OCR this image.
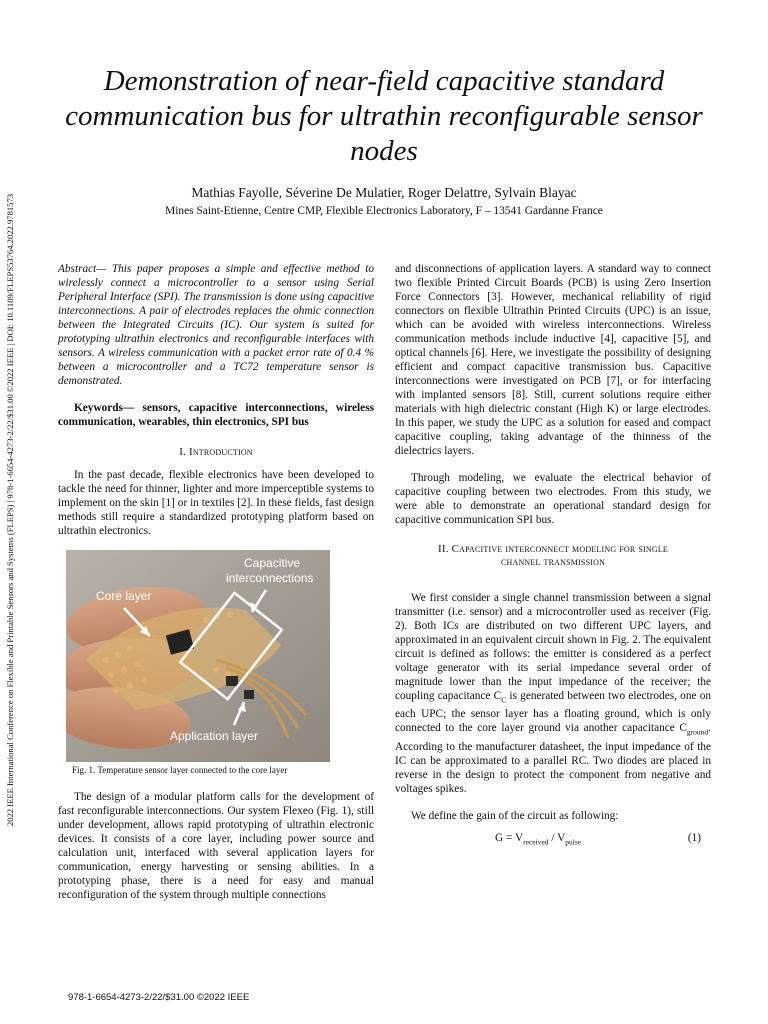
2022 IEEE International Conference on Flexible and Printable Sensors and Systems (FLEPS) | 978-1-6654-4273-2/22/$31.00 ©2022 IEEE | DOI: 10.1109/FLEPS53764.2022.9781573
Demonstration of near-field capacitive standard communication bus for ultrathin reconfigurable sensor nodes
Mathias Fayolle, Séverine De Mulatier, Roger Delattre, Sylvain Blayac
Mines Saint-Etienne, Centre CMP, Flexible Electronics Laboratory, F – 13541 Gardanne France

Abstract— This paper proposes a simple and effective method to wirelessly connect a microcontroller to a sensor using Serial Peripheral Interface (SPI). The transmission is done using capacitive interconnections. A pair of electrodes replaces the ohmic connection between the Integrated Circuits (IC). Our system is suited for prototyping ultrathin electronics and reconfigurable interfaces with sensors. A wireless communication with a packet error rate of 0.4 % between a microcontroller and a TC72 temperature sensor is demonstrated.

Keywords— sensors, capacitive interconnections, wireless communication, wearables, thin electronics, SPI bus

I. Introduction

In the past decade, flexible electronics have been developed to tackle the need for thinner, lighter and more imperceptible systems to implement on the skin [1] or in textiles [2]. In these fields, fast design methods still require a standardized prototyping platform based on ultrathin electronics.

Capacitive
interconnections
Core layer
Application layer

Fig. 1. Temperature sensor layer connected to the core layer

The design of a modular platform calls for the development of fast reconfigurable interconnections. Our system Flexeo (Fig. 1), still under development, allows rapid prototyping of ultrathin electronic devices. It consists of a core layer, including power source and calculation unit, interfaced with several application layers for communication, energy harvesting or sensing abilities. In a prototyping phase, there is a need for easy and manual reconfiguration of the system through multiple connections

and disconnections of application layers. A standard way to connect two flexible Printed Circuit Boards (PCB) is using Zero Insertion Force Connectors [3]. However, mechanical reliability of rigid connectors on flexible Ultrathin Printed Circuits (UPC) is an issue, which can be avoided with wireless interconnections. Wireless communication methods include inductive [4], capacitive [5], and optical channels [6]. Here, we investigate the possibility of designing efficient and compact capacitive transmission bus. Capacitive interconnections were investigated on PCB [7], or for interfacing with implanted sensors [8]. Still, current solutions require either materials with high dielectric constant (High K) or large electrodes. In this paper, we study the UPC as a solution for eased and compact capacitive coupling, taking advantage of the thinness of the dielectrics layers.

Through modeling, we evaluate the electrical behavior of capacitive coupling between two electrodes. From this study, we were able to demonstrate an operational standard design for capacitive communication SPI bus.

II. Capacitive interconnect modeling for single
channel transmission

We first consider a single channel transmission between a signal transmitter (i.e. sensor) and a microcontroller used as receiver (Fig. 2). Both ICs are distributed on two different UPC layers, and approximated in an equivalent circuit shown in Fig. 2. The equivalent circuit is defined as follows: the emitter is considered as a perfect voltage generator with its serial impedance several order of magnitude lower than the input impedance of the receiver; the coupling capacitance $C_C$ is generated between two electrodes, one on each UPC; the sensor layer has a floating ground, which is only connected to the core layer ground via another capacitance $C_{ground}$. According to the manufacturer datasheet, the input impedance of the IC can be approximated to a parallel RC. Two diodes are placed in reverse in the design to protect the component from negative and voltages spikes.

We define the gain of the circuit as following:

$G = V_{received} / V_{pulse}$	(1)
978-1-6654-4273-2/22/$31.00 ©2022 IEEE
